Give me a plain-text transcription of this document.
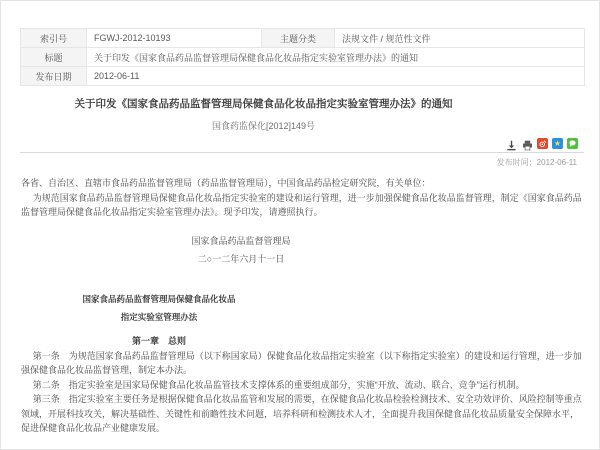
索引号	FGWJ-2012-10193	主题分类	法规文件 / 规范性文件
标题	关于印发《国家食品药品监督管理局保健食品化妆品指定实验室管理办法》的通知		
发布日期	2012-06-11		
关于印发《国家食品药品监督管理局保健食品化妆品指定实验室管理办法》的通知

国食药监保化[2012]149号

★
发布时间：2012-06-11

各省、自治区、直辖市食品药品监督管理局（药品监督管理局），中国食品药品检定研究院，有关单位：

为规范国家食品药品监督管理局保健食品化妆品指定实验室的建设和运行管理，进一步加强保健食品化妆品监督管理，制定《国家食品药品监督管理局保健食品化妆品指定实验室管理办法》。现予印发，请遵照执行。

国家食品药品监督管理局

二○一二年六月十一日

国家食品药品监督管理局保健食品化妆品

指定实验室管理办法

第一章　总则

第一条　为规范国家食品药品监督管理局（以下称国家局）保健食品化妆品指定实验室（以下称指定实验室）的建设和运行管理，进一步加强保健食品化妆品监督管理，制定本办法。

第二条　指定实验室是国家局保健食品化妆品监管技术支撑体系的重要组成部分，实施“开放、流动、联合、竞争”运行机制。

第三条　指定实验室主要任务是根据保健食品化妆品监管和发展的需要，在保健食品化妆品检验检测技术、安全功效评价、风险控制等重点领域，开展科技攻关，解决基础性、关键性和前瞻性技术问题，培养科研和检测技术人才，全面提升我国保健食品化妆品质量安全保障水平，促进保健食品化妆品产业健康发展。
